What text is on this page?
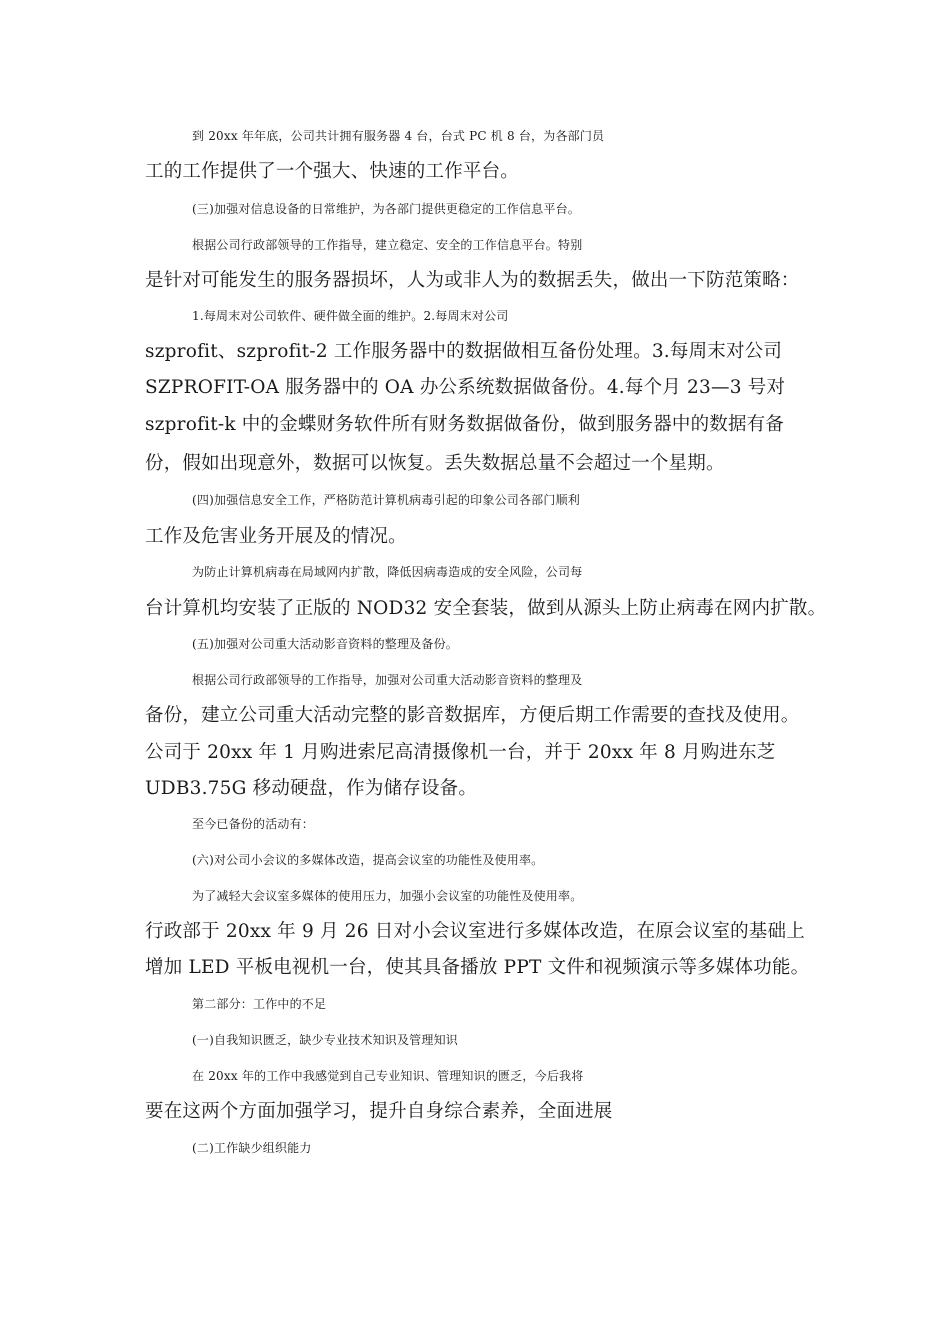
到 20xx 年年底，公司共计拥有服务器 4 台，台式 PC 机 8 台，为各部门员
工的工作提供了一个强大、快速的工作平台。
(三)加强对信息设备的日常维护，为各部门提供更稳定的工作信息平台。
根据公司行政部领导的工作指导，建立稳定、安全的工作信息平台。特别
是针对可能发生的服务器损坏，人为或非人为的数据丢失，做出一下防范策略：
1.每周末对公司软件、硬件做全面的维护。2.每周末对公司
szprofit、szprofit-2 工作服务器中的数据做相互备份处理。3.每周末对公司
SZPROFIT-OA 服务器中的 OA 办公系统数据做备份。4.每个月 23—3 号对
szprofit-k 中的金蝶财务软件所有财务数据做备份，做到服务器中的数据有备
份，假如出现意外，数据可以恢复。丢失数据总量不会超过一个星期。
(四)加强信息安全工作，严格防范计算机病毒引起的印象公司各部门顺利
工作及危害业务开展及的情况。
为防止计算机病毒在局域网内扩散，降低因病毒造成的安全风险，公司每
台计算机均安装了正版的 NOD32 安全套装，做到从源头上防止病毒在网内扩散。
(五)加强对公司重大活动影音资料的整理及备份。
根据公司行政部领导的工作指导，加强对公司重大活动影音资料的整理及
备份，建立公司重大活动完整的影音数据库，方便后期工作需要的查找及使用。
公司于 20xx 年 1 月购进索尼高清摄像机一台，并于 20xx 年 8 月购进东芝
UDB3.75G 移动硬盘，作为储存设备。
至今已备份的活动有：
(六)对公司小会议的多媒体改造，提高会议室的功能性及使用率。
为了减轻大会议室多媒体的使用压力，加强小会议室的功能性及使用率。
行政部于 20xx 年 9 月 26 日对小会议室进行多媒体改造，在原会议室的基础上
增加 LED 平板电视机一台，使其具备播放 PPT 文件和视频演示等多媒体功能。
第二部分：工作中的不足
(一)自我知识匮乏，缺少专业技术知识及管理知识
在 20xx 年的工作中我感觉到自己专业知识、管理知识的匮乏，今后我将
要在这两个方面加强学习，提升自身综合素养，全面进展
(二)工作缺少组织能力
